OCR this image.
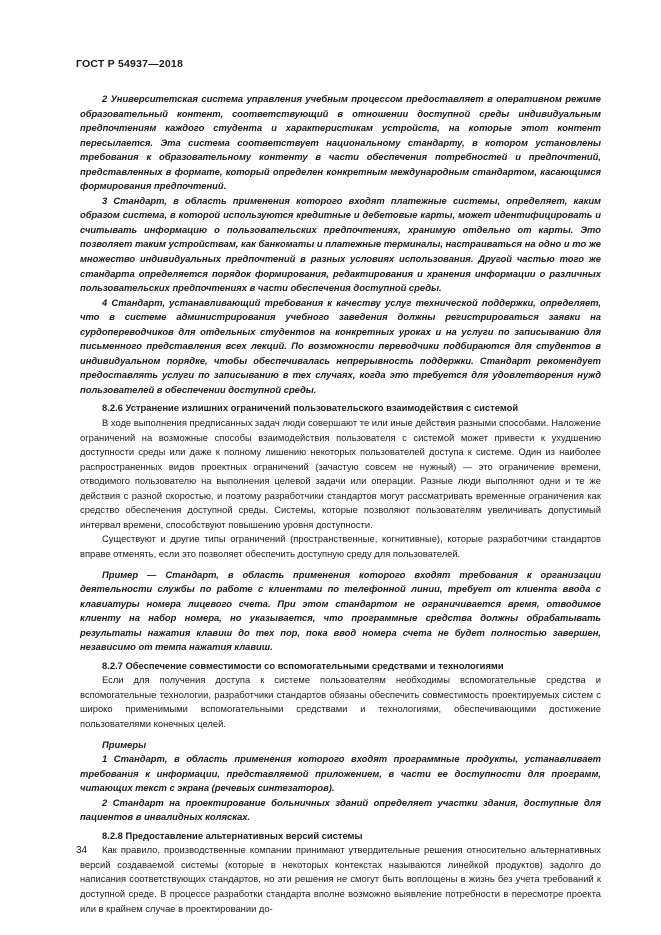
ГОСТ Р 54937—2018

2 Университетская система управления учебным процессом предоставляет в оперативном режиме образовательный контент, соответствующий в отношении доступной среды индивидуальным предпочтениям каждого студента и характеристикам устройств, на которые этот контент пересылается. Эта система соответствует национальному стандарту, в котором установлены требования к образовательному контенту в части обеспечения потребностей и предпочтений, представленных в формате, который определен конкретным международным стандартом, касающимся формирования предпочтений.

3 Стандарт, в область применения которого входят платежные системы, определяет, каким образом система, в которой используются кредитные и дебетовые карты, может идентифицировать и считывать информацию о пользовательских предпочтениях, хранимую отдельно от карты. Это позволяет таким устройствам, как банкоматы и платежные терминалы, настраиваться на одно и то же множество индивидуальных предпочтений в разных условиях использования. Другой частью того же стандарта определяется порядок формирования, редактирования и хранения информации о различных пользовательских предпочтениях в части обеспечения доступной среды.

4 Стандарт, устанавливающий требования к качеству услуг технической поддержки, определяет, что в системе администрирования учебного заведения должны регистрироваться заявки на сурдопереводчиков для отдельных студентов на конкретных уроках и на услуги по записыванию для письменного представления всех лекций. По возможности переводчики подбираются для студентов в индивидуальном порядке, чтобы обеспечивалась непрерывность поддержки. Стандарт рекомендует предоставлять услуги по записыванию в тех случаях, когда это требуется для удовлетворения нужд пользователей в обеспечении доступной среды.

8.2.6 Устранение излишних ограничений пользовательского взаимодействия с системой

В ходе выполнения предписанных задач люди совершают те или иные действия разными способами. Наложение ограничений на возможные способы взаимодействия пользователя с системой может привести к ухудшению доступности среды или даже к полному лишению некоторых пользователей доступа к системе. Один из наиболее распространенных видов проектных ограничений (зачастую совсем не нужный) — это ограничение времени, отводимого пользователю на выполнения целевой задачи или операции. Разные люди выполняют одни и те же действия с разной скоростью, и поэтому разработчики стандартов могут рассматривать временные ограничения как средство обеспечения доступной среды. Системы, которые позволяют пользователям увеличивать допустимый интервал времени, способствуют повышению уровня доступности.

Существуют и другие типы ограничений (пространственные, когнитивные), которые разработчики стандартов вправе отменять, если это позволяет обеспечить доступную среду для пользователей.

Пример — Стандарт, в область применения которого входят требования к организации деятельности службы по работе с клиентами по телефонной линии, требует от клиента ввода с клавиатуры номера лицевого счета. При этом стандартом не ограничивается время, отводимое клиенту на набор номера, но указывается, что программные средства должны обрабатывать результаты нажатия клавиш до тех пор, пока ввод номера счета не будет полностью завершен, независимо от темпа нажатия клавиш.

8.2.7 Обеспечение совместимости со вспомогательными средствами и технологиями

Если для получения доступа к системе пользователям необходимы вспомогательные средства и вспомогательные технологии, разработчики стандартов обязаны обеспечить совместимость проектируемых систем с широко применимыми вспомогательными средствами и технологиями, обеспечивающими достижение пользователями конечных целей.

Примеры

1 Стандарт, в область применения которого входят программные продукты, устанавливает требования к информации, представляемой приложением, в части ее доступности для программ, читающих текст с экрана (речевых синтезаторов).

2 Стандарт на проектирование больничных зданий определяет участки здания, доступные для пациентов в инвалидных колясках.

8.2.8 Предоставление альтернативных версий системы

Как правило, производственные компании принимают утвердительные решения относительно альтернативных версий создаваемой системы (которые в некоторых контекстах называются линейкой продуктов) задолго до написания соответствующих стандартов, но эти решения не смогут быть воплощены в жизнь без учета требований к доступной среде. В процессе разработки стандарта вполне возможно выявление потребности в пересмотре проекта или в крайнем случае в проектировании до-

34
